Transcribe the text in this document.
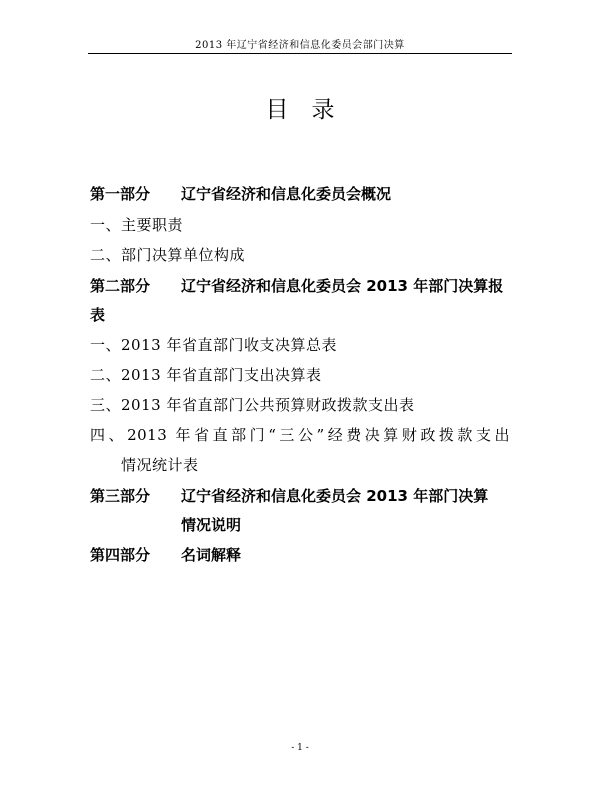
2013 年辽宁省经济和信息化委员会部门决算
目　录
第一部分 辽宁省经济和信息化委员会概况
一、主要职责
二、部门决算单位构成
第二部分 辽宁省经济和信息化委员会 2013 年部门决算报
表
一、2013 年省直部门收支决算总表
二、2013 年省直部门支出决算表
三、2013 年省直部门公共预算财政拨款支出表
四、2013 年省直部门“三公”经费决算财政拨款支出
情况统计表
第三部分 辽宁省经济和信息化委员会 2013 年部门决算
情况说明
第四部分 名词解释
- 1 -
